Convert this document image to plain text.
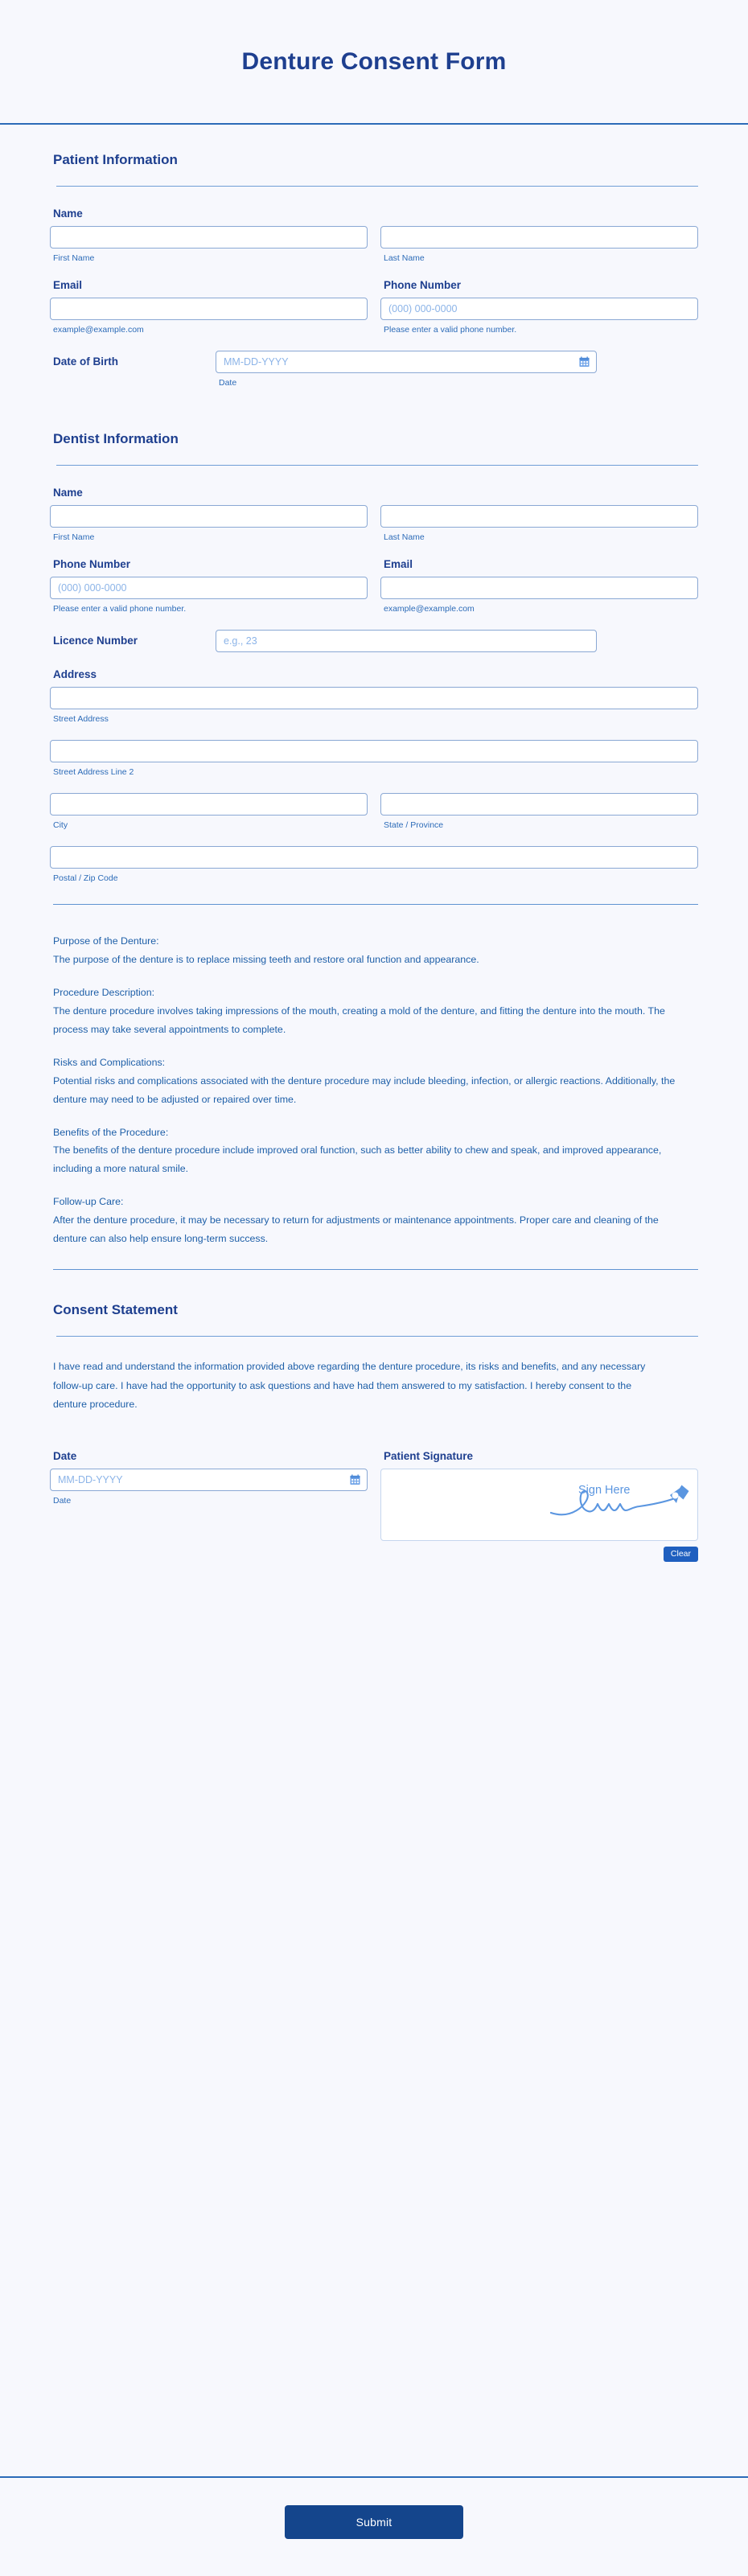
Denture Consent Form
Patient Information
Name
First Name	Last Name
Email
example@example.com
Phone Number
(000) 000-0000
Please enter a valid phone number.
Date of Birth
MM-DD-YYYY
Date
Dentist Information
Name
First Name	Last Name
Phone Number
(000) 000-0000
Please enter a valid phone number.
Email
example@example.com
Licence Number
e.g., 23
Address
Street Address
Street Address Line 2
City	State / Province
Postal / Zip Code

Purpose of the Denture:
The purpose of the denture is to replace missing teeth and restore oral function and appearance.

Procedure Description:
The denture procedure involves taking impressions of the mouth, creating a mold of the denture, and fitting the denture into the mouth. The process may take several appointments to complete.

Risks and Complications:
Potential risks and complications associated with the denture procedure may include bleeding, infection, or allergic reactions. Additionally, the denture may need to be adjusted or repaired over time.

Benefits of the Procedure:
The benefits of the denture procedure include improved oral function, such as better ability to chew and speak, and improved appearance, including a more natural smile.

Follow-up Care:
After the denture procedure, it may be necessary to return for adjustments or maintenance appointments. Proper care and cleaning of the denture can also help ensure long-term success.

Consent Statement

I have read and understand the information provided above regarding the denture procedure, its risks and benefits, and any necessary follow-up care. I have had the opportunity to ask questions and have had them answered to my satisfaction. I hereby consent to the denture procedure.

Date
MM-DD-YYYY
Date
Patient Signature
Sign Here
Clear
Submit
